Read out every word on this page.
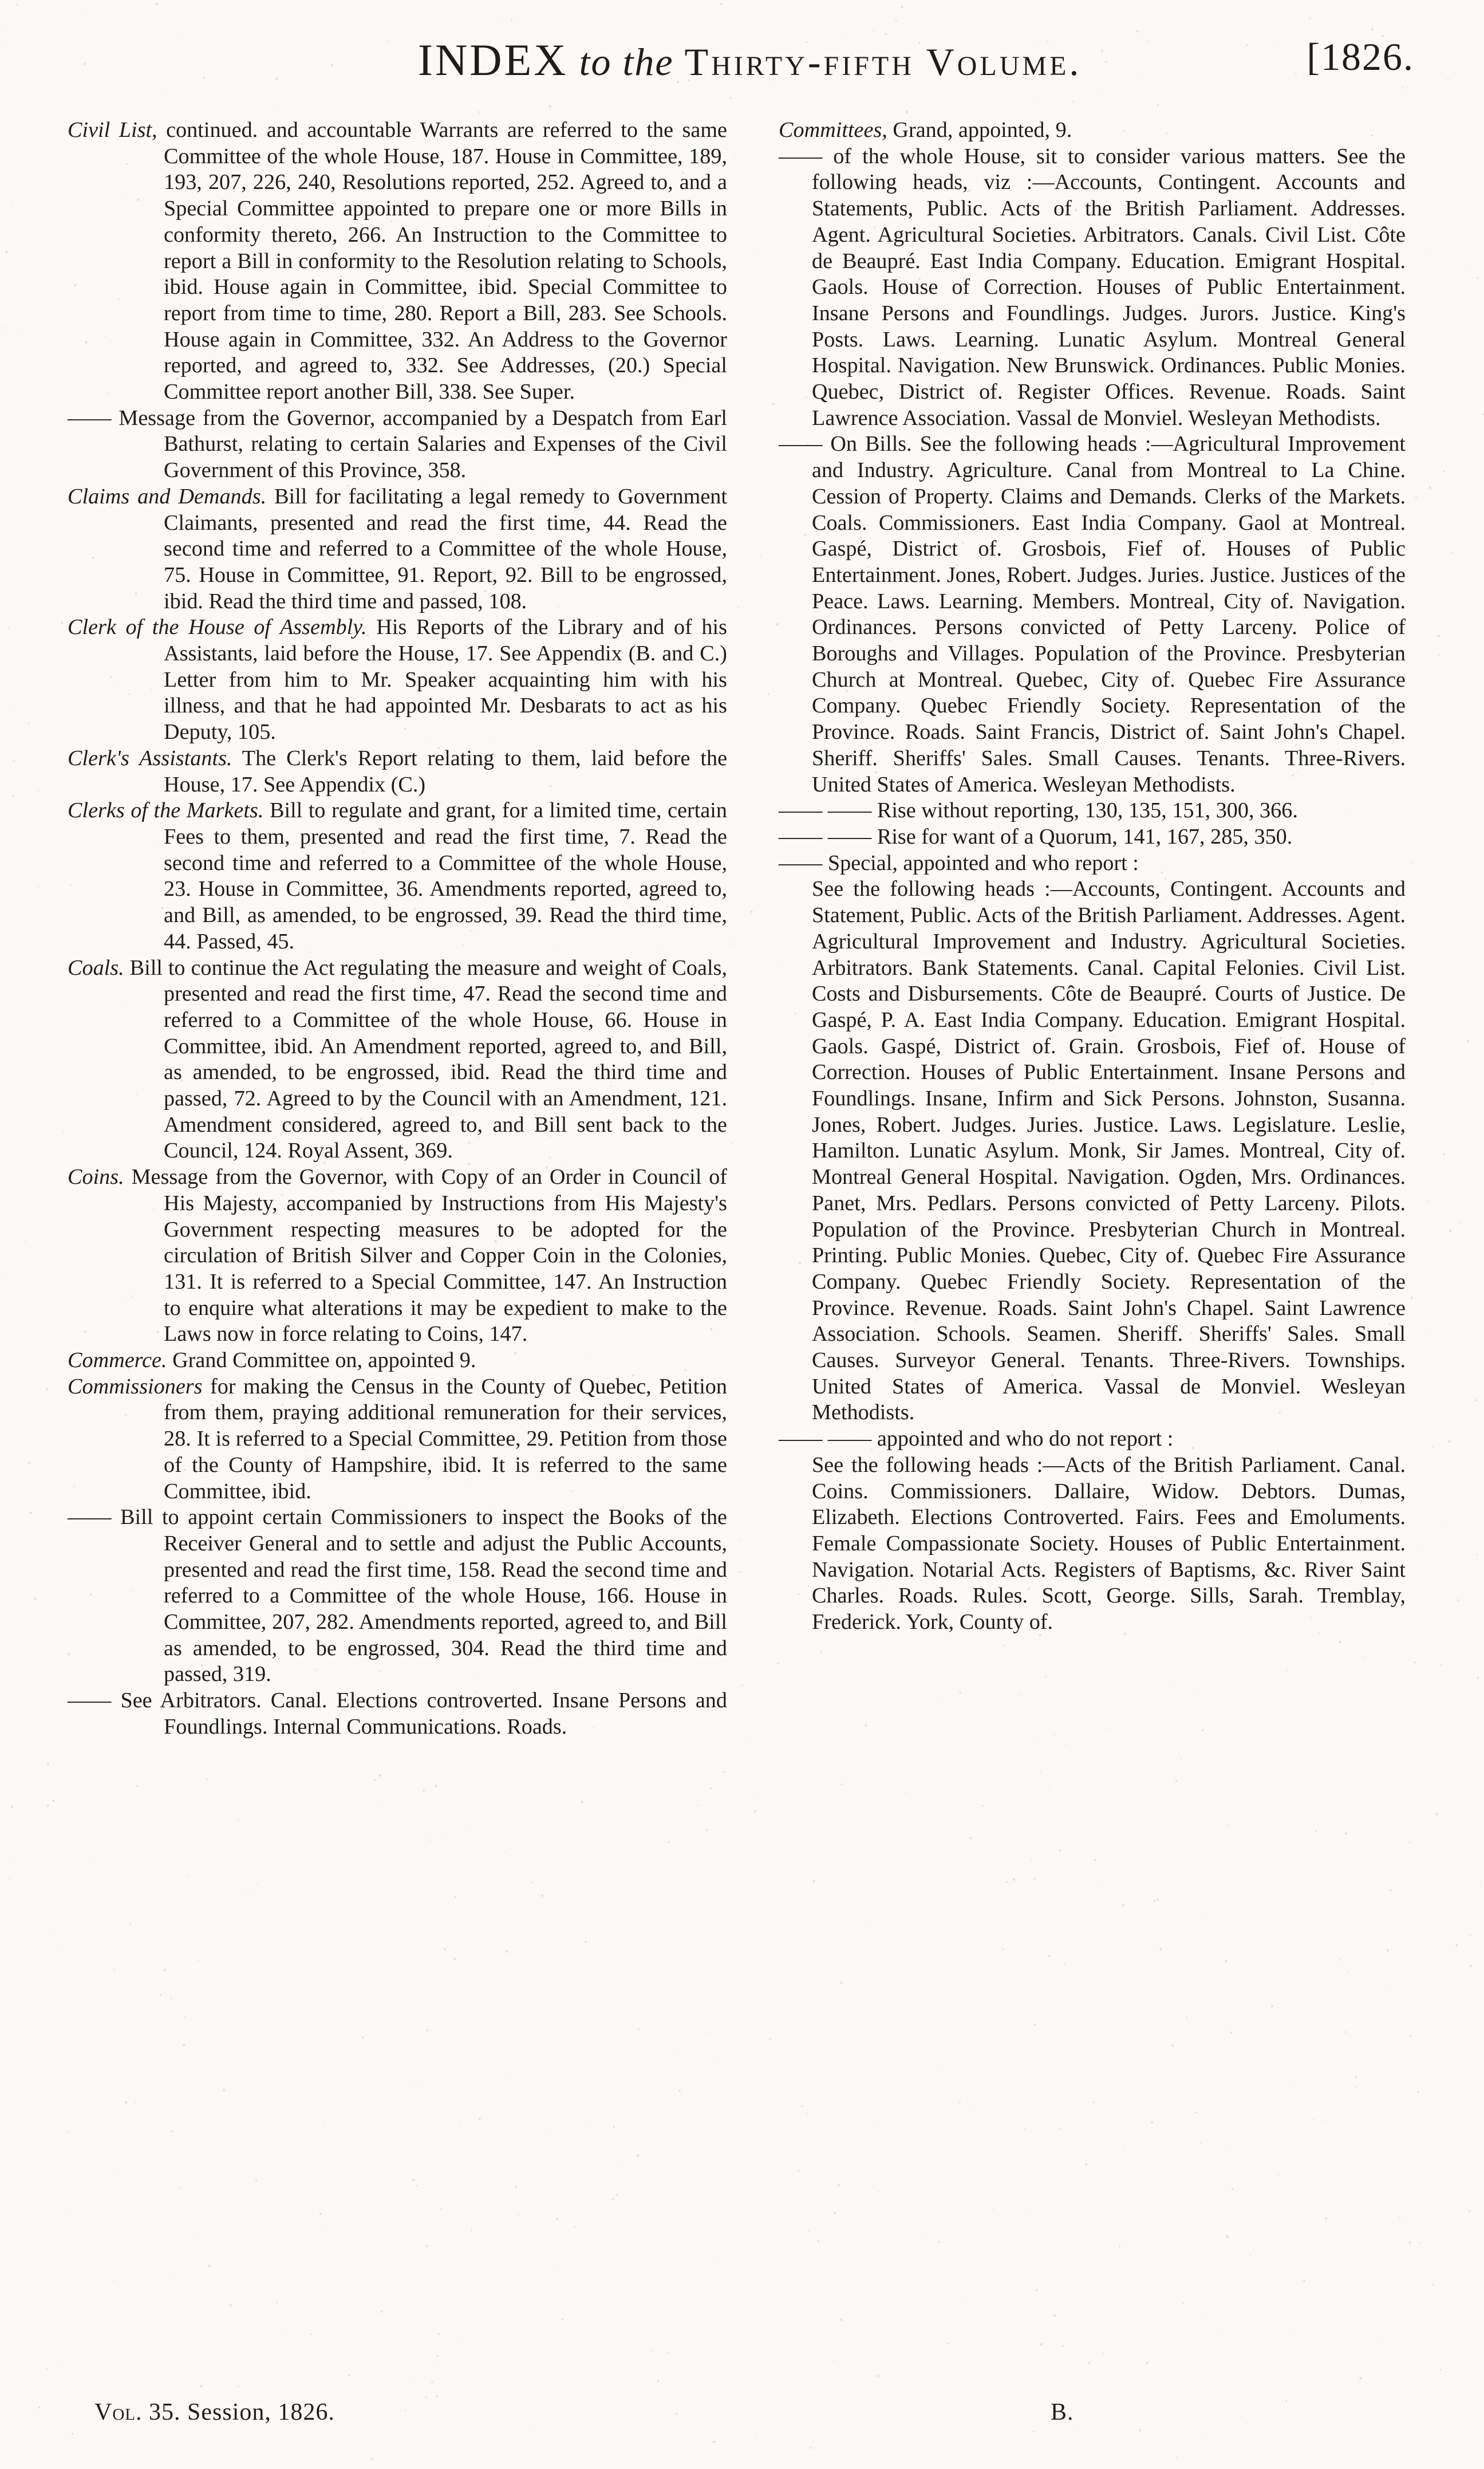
INDEX to the Thirty-fifth Volume.	[1826.

Civil List, continued. and accountable Warrants are referred to the same Committee of the whole House, 187. House in Committee, 189, 193, 207, 226, 240, Resolutions reported, 252. Agreed to, and a Special Committee appointed to prepare one or more Bills in conformity thereto, 266. An Instruction to the Committee to report a Bill in conformity to the Resolution relating to Schools, ibid. House again in Committee, ibid. Special Committee to report from time to time, 280. Report a Bill, 283. See Schools. House again in Committee, 332. An Address to the Governor reported, and agreed to, 332. See Addresses, (20.) Special Committee report another Bill, 338. See Super.

—— Message from the Governor, accompanied by a Despatch from Earl Bathurst, relating to certain Salaries and Expenses of the Civil Government of this Province, 358.

Claims and Demands. Bill for facilitating a legal remedy to Government Claimants, presented and read the first time, 44. Read the second time and referred to a Committee of the whole House, 75. House in Committee, 91. Report, 92. Bill to be engrossed, ibid. Read the third time and passed, 108.

Clerk of the House of Assembly. His Reports of the Library and of his Assistants, laid before the House, 17. See Appendix (B. and C.) Letter from him to Mr. Speaker acquainting him with his illness, and that he had appointed Mr. Desbarats to act as his Deputy, 105.

Clerk's Assistants. The Clerk's Report relating to them, laid before the House, 17. See Appendix (C.)

Clerks of the Markets. Bill to regulate and grant, for a limited time, certain Fees to them, presented and read the first time, 7. Read the second time and referred to a Committee of the whole House, 23. House in Committee, 36. Amendments reported, agreed to, and Bill, as amended, to be engrossed, 39. Read the third time, 44. Passed, 45.

Coals. Bill to continue the Act regulating the measure and weight of Coals, presented and read the first time, 47. Read the second time and referred to a Committee of the whole House, 66. House in Committee, ibid. An Amendment reported, agreed to, and Bill, as amended, to be engrossed, ibid. Read the third time and passed, 72. Agreed to by the Council with an Amendment, 121. Amendment considered, agreed to, and Bill sent back to the Council, 124. Royal Assent, 369.

Coins. Message from the Governor, with Copy of an Order in Council of His Majesty, accompanied by Instructions from His Majesty's Government respecting measures to be adopted for the circulation of British Silver and Copper Coin in the Colonies, 131. It is referred to a Special Committee, 147. An Instruction to enquire what alterations it may be expedient to make to the Laws now in force relating to Coins, 147.

Commerce. Grand Committee on, appointed 9.

Commissioners for making the Census in the County of Quebec, Petition from them, praying additional remuneration for their services, 28. It is referred to a Special Committee, 29. Petition from those of the County of Hampshire, ibid. It is referred to the same Committee, ibid.

—— Bill to appoint certain Commissioners to inspect the Books of the Receiver General and to settle and adjust the Public Accounts, presented and read the first time, 158. Read the second time and referred to a Committee of the whole House, 166. House in Committee, 207, 282. Amendments reported, agreed to, and Bill as amended, to be engrossed, 304. Read the third time and passed, 319.

—— See Arbitrators. Canal. Elections controverted. Insane Persons and Foundlings. Internal Communications. Roads.

Committees, Grand, appointed, 9.

—— of the whole House, sit to consider various matters. See the following heads, viz :—Accounts, Contingent. Accounts and Statements, Public. Acts of the British Parliament. Addresses. Agent. Agricultural Societies. Arbitrators. Canals. Civil List. Côte de Beaupré. East India Company. Education. Emigrant Hospital. Gaols. House of Correction. Houses of Public Entertainment. Insane Persons and Foundlings. Judges. Jurors. Justice. King's Posts. Laws. Learning. Lunatic Asylum. Montreal General Hospital. Navigation. New Brunswick. Ordinances. Public Monies. Quebec, District of. Register Offices. Revenue. Roads. Saint Lawrence Association. Vassal de Monviel. Wesleyan Methodists.

—— On Bills. See the following heads :—Agricultural Improvement and Industry. Agriculture. Canal from Montreal to La Chine. Cession of Property. Claims and Demands. Clerks of the Markets. Coals. Commissioners. East India Company. Gaol at Montreal. Gaspé, District of. Grosbois, Fief of. Houses of Public Entertainment. Jones, Robert. Judges. Juries. Justice. Justices of the Peace. Laws. Learning. Members. Montreal, City of. Navigation. Ordinances. Persons convicted of Petty Larceny. Police of Boroughs and Villages. Population of the Province. Presbyterian Church at Montreal. Quebec, City of. Quebec Fire Assurance Company. Quebec Friendly Society. Representation of the Province. Roads. Saint Francis, District of. Saint John's Chapel. Sheriff. Sheriffs' Sales. Small Causes. Tenants. Three-Rivers. United States of America. Wesleyan Methodists.

—— —— Rise without reporting, 130, 135, 151, 300, 366.

—— —— Rise for want of a Quorum, 141, 167, 285, 350.

—— Special, appointed and who report :

See the following heads :—Accounts, Contingent. Accounts and Statement, Public. Acts of the British Parliament. Addresses. Agent. Agricultural Improvement and Industry. Agricultural Societies. Arbitrators. Bank Statements. Canal. Capital Felonies. Civil List. Costs and Disbursements. Côte de Beaupré. Courts of Justice. De Gaspé, P. A. East India Company. Education. Emigrant Hospital. Gaols. Gaspé, District of. Grain. Grosbois, Fief of. House of Correction. Houses of Public Entertainment. Insane Persons and Foundlings. Insane, Infirm and Sick Persons. Johnston, Susanna. Jones, Robert. Judges. Juries. Justice. Laws. Legislature. Leslie, Hamilton. Lunatic Asylum. Monk, Sir James. Montreal, City of. Montreal General Hospital. Navigation. Ogden, Mrs. Ordinances. Panet, Mrs. Pedlars. Persons convicted of Petty Larceny. Pilots. Population of the Province. Presbyterian Church in Montreal. Printing. Public Monies. Quebec, City of. Quebec Fire Assurance Company. Quebec Friendly Society. Representation of the Province. Revenue. Roads. Saint John's Chapel. Saint Lawrence Association. Schools. Seamen. Sheriff. Sheriffs' Sales. Small Causes. Surveyor General. Tenants. Three-Rivers. Townships. United States of America. Vassal de Monviel. Wesleyan Methodists.

—— —— appointed and who do not report :

See the following heads :—Acts of the British Parliament. Canal. Coins. Commissioners. Dallaire, Widow. Debtors. Dumas, Elizabeth. Elections Controverted. Fairs. Fees and Emoluments. Female Compassionate Society. Houses of Public Entertainment. Navigation. Notarial Acts. Registers of Baptisms, &c. River Saint Charles. Roads. Rules. Scott, George. Sills, Sarah. Tremblay, Frederick. York, County of.

Vol. 35. Session, 1826.	B.
